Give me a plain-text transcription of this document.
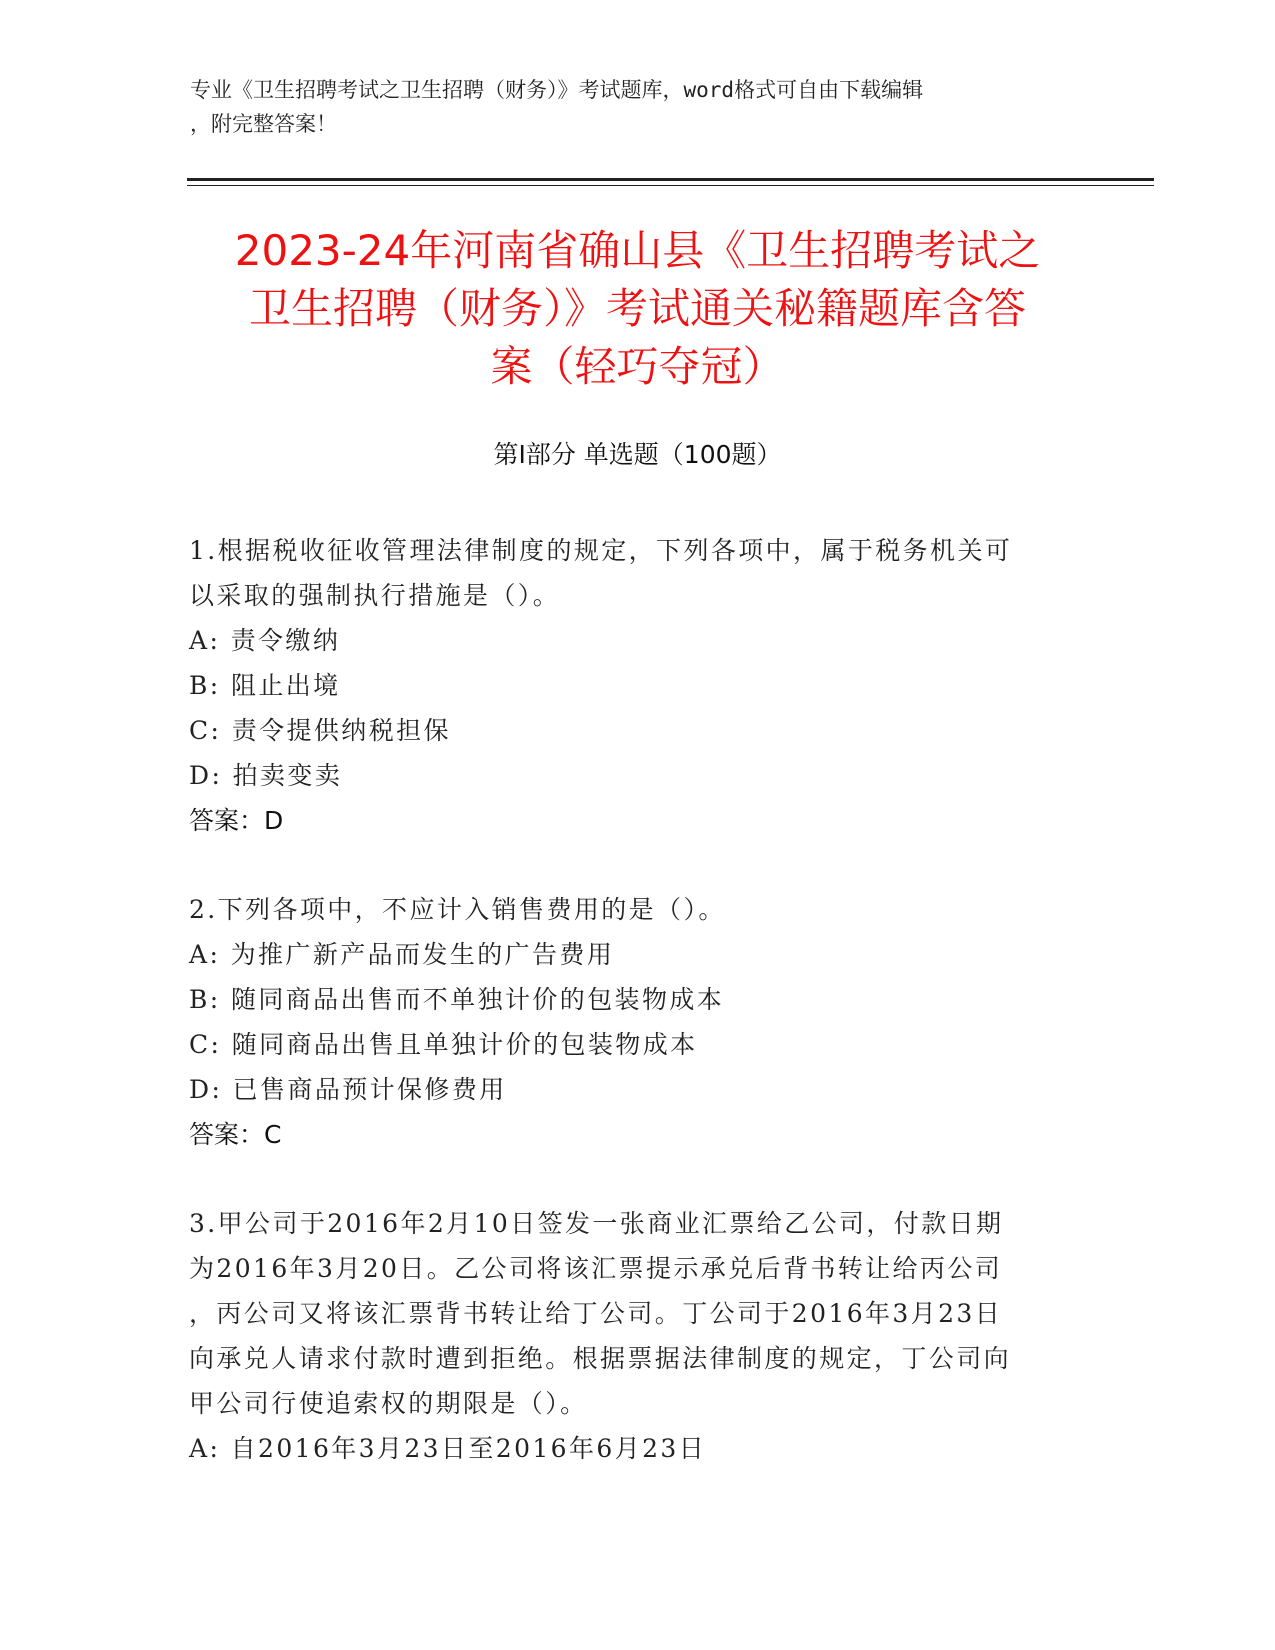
专业《卫生招聘考试之卫生招聘（财务）》考试题库，word格式可自由下载编辑
，附完整答案！
2023-24年河南省确山县《卫生招聘考试之
卫生招聘（财务）》考试通关秘籍题库含答
案（轻巧夺冠）
第Ⅰ部分 单选题（100题）
1.根据税收征收管理法律制度的规定，下列各项中，属于税务机关可
以采取的强制执行措施是（）。
A: 责令缴纳
B: 阻止出境
C: 责令提供纳税担保
D: 拍卖变卖
答案：D
2.下列各项中，不应计入销售费用的是（）。
A: 为推广新产品而发生的广告费用
B: 随同商品出售而不单独计价的包装物成本
C: 随同商品出售且单独计价的包装物成本
D: 已售商品预计保修费用
答案：C
3.甲公司于2016年2月10日签发一张商业汇票给乙公司，付款日期
为2016年3月20日。乙公司将该汇票提示承兑后背书转让给丙公司
，丙公司又将该汇票背书转让给丁公司。丁公司于2016年3月23日
向承兑人请求付款时遭到拒绝。根据票据法律制度的规定，丁公司向
甲公司行使追索权的期限是（）。
A: 自2016年3月23日至2016年6月23日
